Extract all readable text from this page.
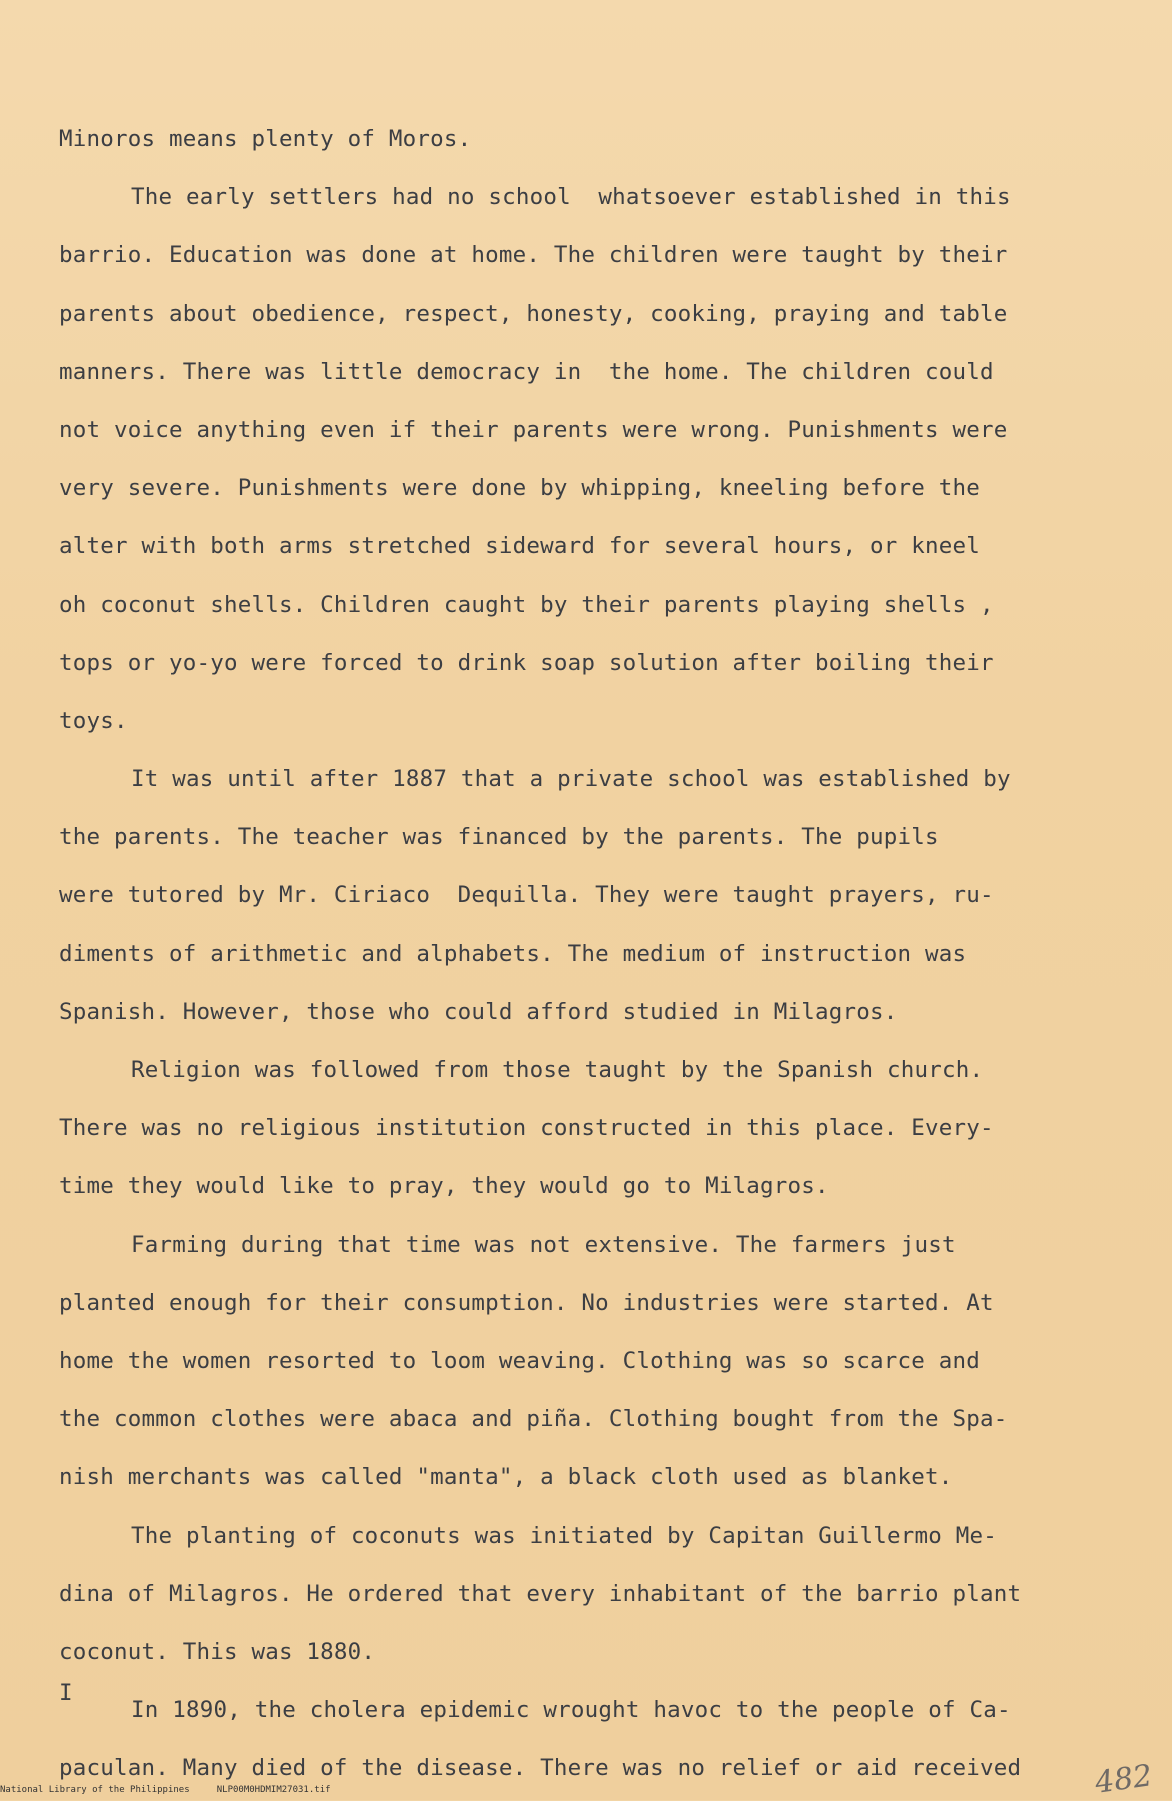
Minoros means plenty of Moros.
The early settlers had no school  whatsoever established in this
barrio. Education was done at home. The children were taught by their
parents about obedience, respect, honesty, cooking, praying and table
manners. There was little democracy in  the home. The children could
not voice anything even if their parents were wrong. Punishments were
very severe. Punishments were done by whipping, kneeling before the
alter with both arms stretched sideward for several hours, or kneel
oh coconut shells. Children caught by their parents playing shells ,
tops or yo-yo were forced to drink soap solution after boiling their
toys.
It was until after 1887 that a private school was established by
the parents. The teacher was financed by the parents. The pupils
were tutored by Mr. Ciriaco  Dequilla. They were taught prayers, ru-
diments of arithmetic and alphabets. The medium of instruction was
Spanish. However, those who could afford studied in Milagros.
Religion was followed from those taught by the Spanish church.
There was no religious institution constructed in this place. Every-
time they would like to pray, they would go to Milagros.
Farming during that time was not extensive. The farmers just
planted enough for their consumption. No industries were started. At
home the women resorted to loom weaving. Clothing was so scarce and
the common clothes were abaca and piña. Clothing bought from the Spa-
nish merchants was called "manta", a black cloth used as blanket.
The planting of coconuts was initiated by Capitan Guillermo Me-
dina of Milagros. He ordered that every inhabitant of the barrio plant
coconut. This was 1880.
In 1890, the cholera epidemic wrought havoc to the people of Ca-
paculan. Many died of the disease. There was no relief or aid received
I
482
National Library of the Philippines     NLP00M0HDMIM27031.tif
